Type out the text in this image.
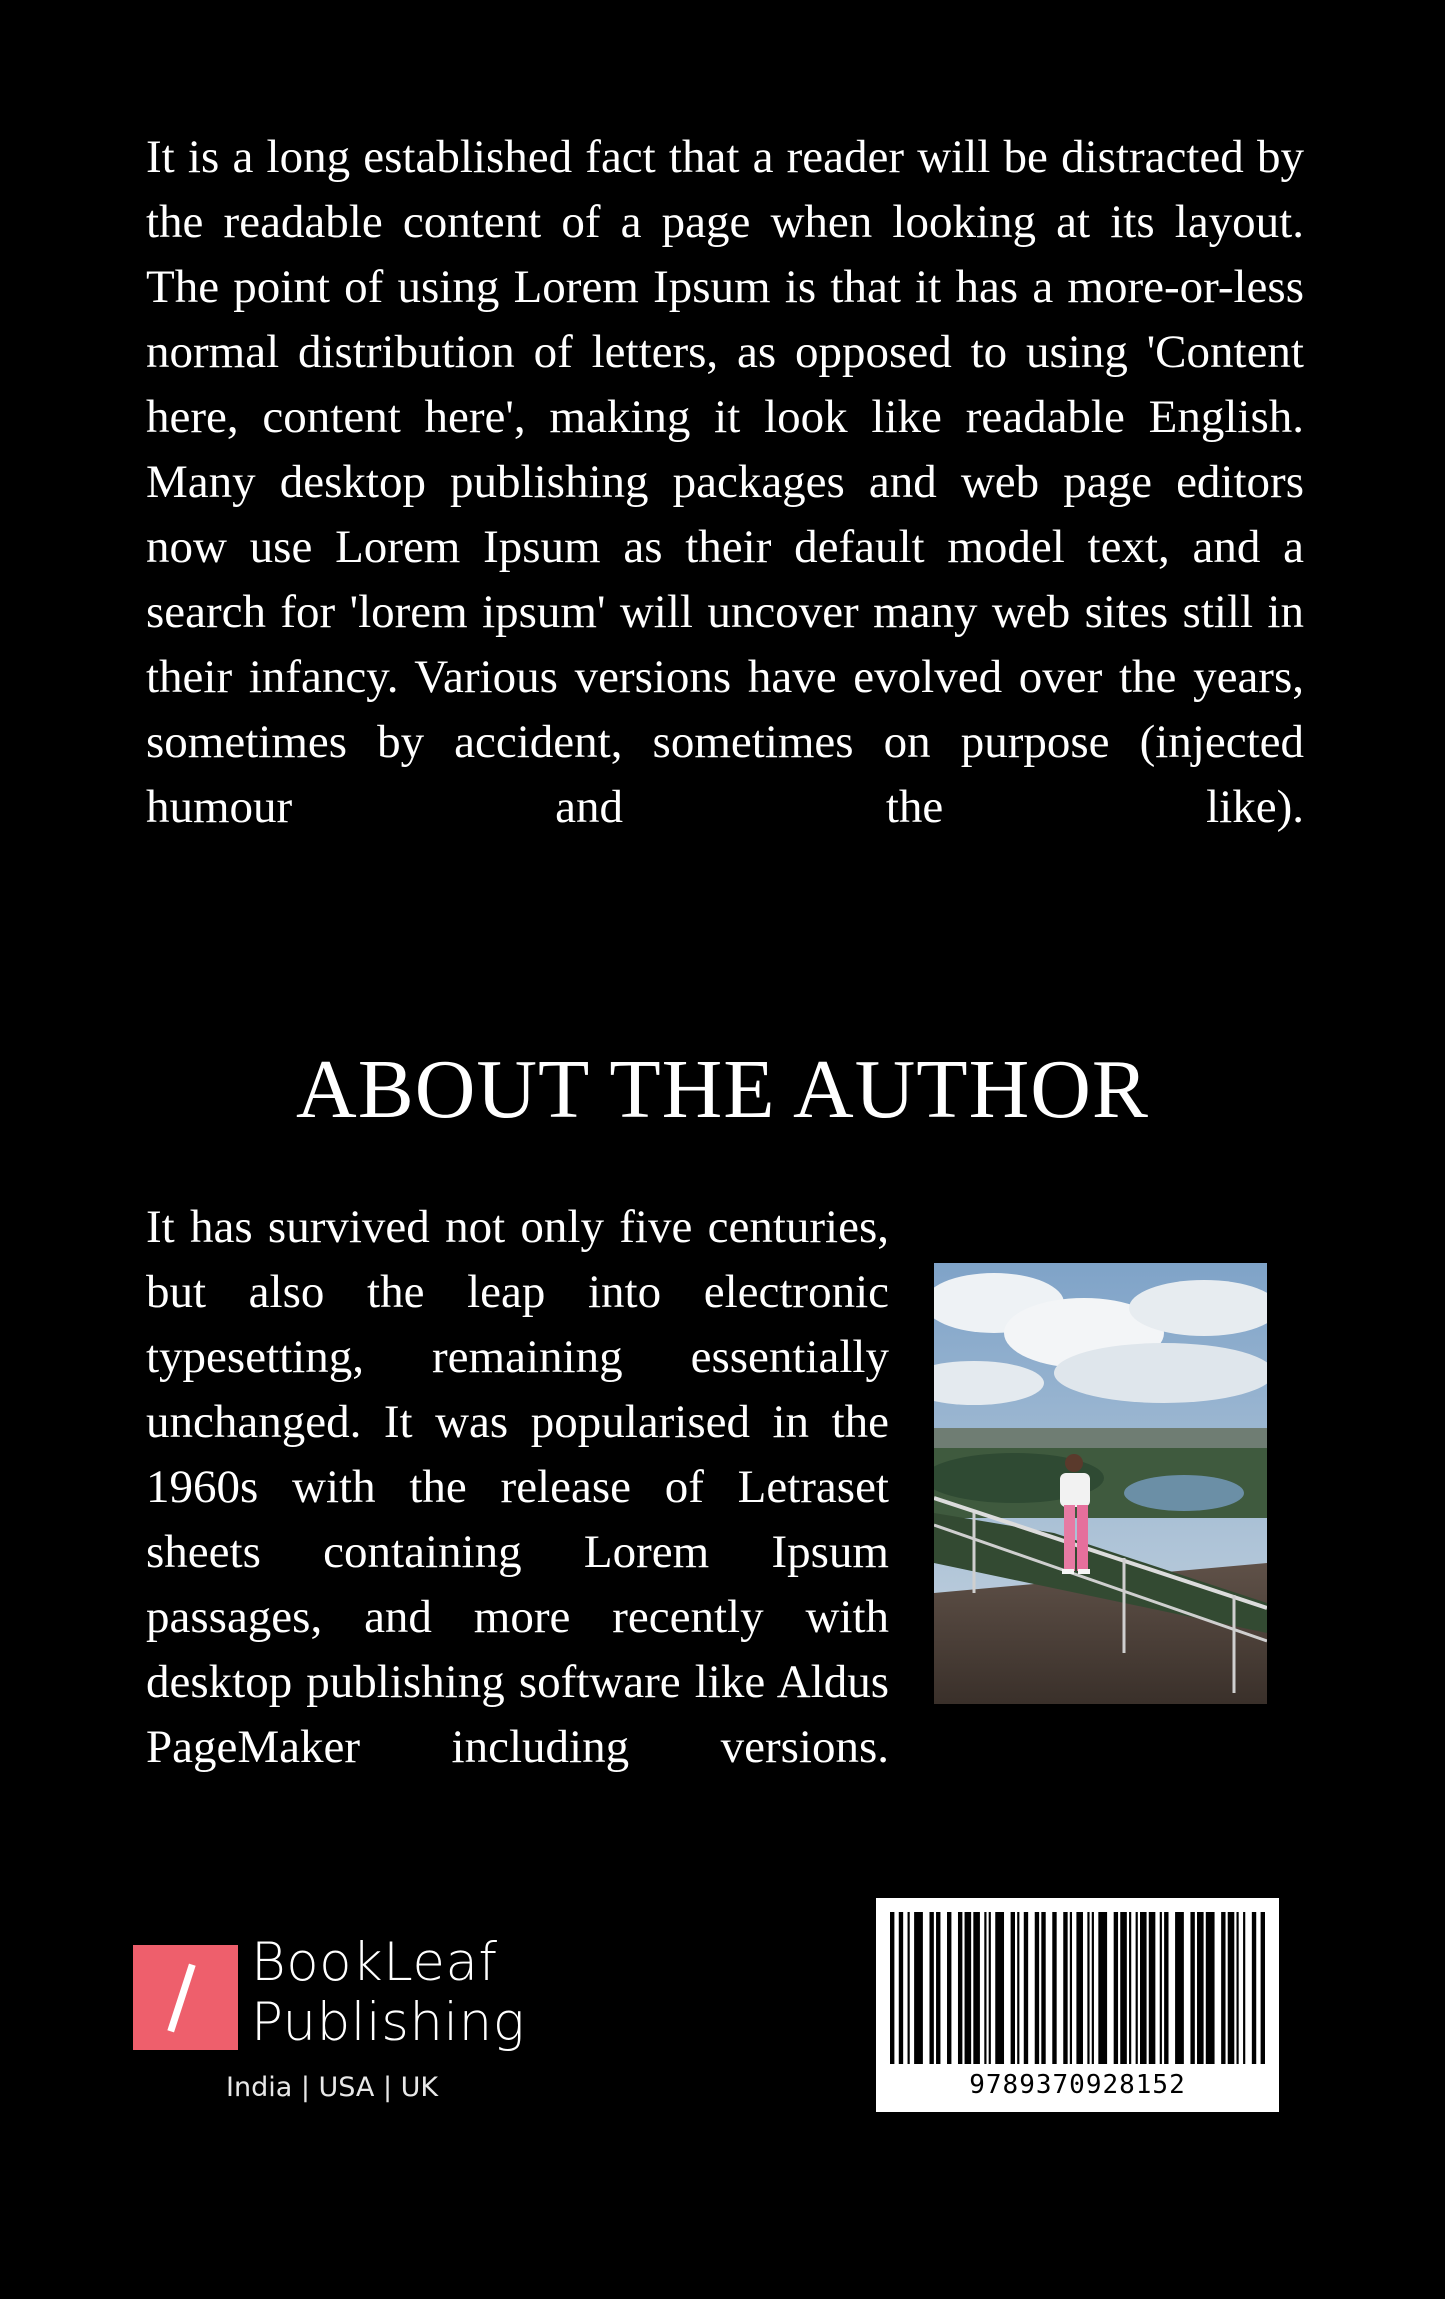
It is a long established fact that a reader will be distracted by the readable content of a page when looking at its layout. The point of using Lorem Ipsum is that it has a more-or-less normal distribution of letters, as opposed to using 'Content here, content here', making it look like readable English. Many desktop publishing packages and web page editors now use Lorem Ipsum as their default model text, and a search for 'lorem ipsum' will uncover many web sites still in their infancy. Various versions have evolved over the years, sometimes by accident, sometimes on purpose (injected humour and the like).

ABOUT THE AUTHOR

It has survived not only five centuries, but also the leap into electronic typesetting, remaining essentially unchanged. It was popularised in the 1960s with the release of Letraset sheets containing Lorem Ipsum passages, and more recently with desktop publishing software like Aldus PageMaker including versions.

BookLeaf
Publishing
India | USA | UK	9789370928152
